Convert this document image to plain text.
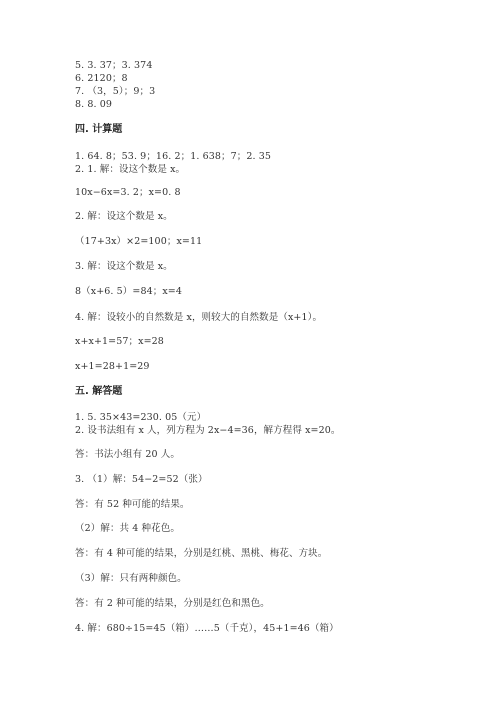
5. 3. 37；3. 374
6. 2120；8
7. （3，5）；9；3
8. 8. 09
四. 计算题
1. 64. 8；53. 9；16. 2；1. 638；7；2. 35
2. 1. 解：设这个数是 x。
10x−6x=3. 2；x=0. 8
2. 解：设这个数是 x。
（17+3x）×2=100；x=11
3. 解：设这个数是 x。
8（x+6. 5）=84；x=4
4. 解：设较小的自然数是 x，则较大的自然数是（x+1）。
x+x+1=57；x=28
x+1=28+1=29
五. 解答题
1. 5. 35×43=230. 05（元）
2. 设书法组有 x 人，列方程为 2x−4=36，解方程得 x=20。
答：书法小组有 20 人。
3. （1）解：54−2=52（张）
答：有 52 种可能的结果。
（2）解：共 4 种花色。
答：有 4 种可能的结果，分别是红桃、黑桃、梅花、方块。
（3）解：只有两种颜色。
答：有 2 种可能的结果，分别是红色和黑色。
4. 解：680÷15=45（箱）……5（千克），45+1=46（箱）
